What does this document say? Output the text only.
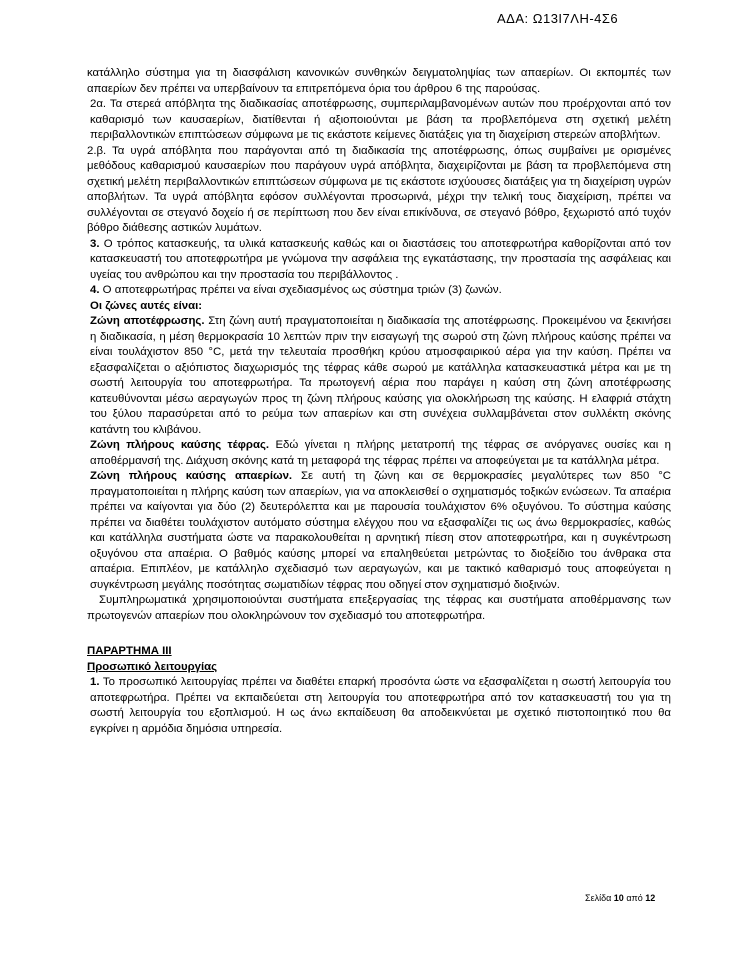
ΑΔΑ: Ω13Ι7ΛΗ-4Σ6

κατάλληλο σύστημα για τη διασφάλιση κανονικών συνθηκών δειγματοληψίας των απαερίων. Οι εκπομπές των απαερίων δεν πρέπει να υπερβαίνουν τα επιτρεπόμενα όρια του άρθρου 6 της παρούσας.

2α. Τα στερεά απόβλητα της διαδικασίας αποτέφρωσης, συμπεριλαμβανομένων αυτών που προέρχονται από τον καθαρισμό των καυσαερίων, διατίθενται ή αξιοποιούνται με βάση τα προβλεπόμενα στη σχετική μελέτη περιβαλλοντικών επιπτώσεων σύμφωνα με τις εκάστοτε κείμενες διατάξεις για τη διαχείριση στερεών αποβλήτων.

2.β. Τα υγρά απόβλητα που παράγονται από τη διαδικασία της αποτέφρωσης, όπως συμβαίνει με ορισμένες μεθόδους καθαρισμού καυσαερίων που παράγουν υγρά απόβλητα, διαχειρίζονται με βάση τα προβλεπόμενα στη σχετική μελέτη περιβαλλοντικών επιπτώσεων σύμφωνα με τις εκάστοτε ισχύουσες διατάξεις για τη διαχείριση υγρών αποβλήτων. Τα υγρά απόβλητα εφόσον συλλέγονται προσωρινά, μέχρι την τελική τους διαχείριση, πρέπει να συλλέγονται σε στεγανό δοχείο ή σε περίπτωση που δεν είναι επικίνδυνα, σε στεγανό βόθρο, ξεχωριστό από τυχόν βόθρο διάθεσης αστικών λυμάτων.

3. Ο τρόπος κατασκευής, τα υλικά κατασκευής καθώς και οι διαστάσεις του αποτεφρωτήρα καθορίζονται από τον κατασκευαστή του αποτεφρωτήρα με γνώμονα την ασφάλεια της εγκατάστασης, την προστασία της ασφάλειας και υγείας του ανθρώπου και την προστασία του περιβάλλοντος .

4. Ο αποτεφρωτήρας πρέπει να είναι σχεδιασμένος ως σύστημα τριών (3) ζωνών.

Οι ζώνες αυτές είναι:

Ζώνη αποτέφρωσης. Στη ζώνη αυτή πραγματοποιείται η διαδικασία της αποτέφρωσης. Προκειμένου να ξεκινήσει η διαδικασία, η μέση θερμοκρασία 10 λεπτών πριν την εισαγωγή της σωρού στη ζώνη πλήρους καύσης πρέπει να είναι τουλάχιστον 850 °C, μετά την τελευταία προσθήκη κρύου ατμοσφαιρικού αέρα για την καύση. Πρέπει να εξασφαλίζεται ο αξιόπιστος διαχωρισμός της τέφρας κάθε σωρού με κατάλληλα κατασκευαστικά μέτρα και με τη σωστή λειτουργία του αποτεφρωτήρα. Τα πρωτογενή αέρια που παράγει η καύση στη ζώνη αποτέφρωσης κατευθύνονται μέσω αεραγωγών προς τη ζώνη πλήρους καύσης για ολοκλήρωση της καύσης. Η ελαφριά στάχτη του ξύλου παρασύρεται από το ρεύμα των απαερίων και στη συνέχεια συλλαμβάνεται στον συλλέκτη σκόνης κατάντη του κλιβάνου.

Ζώνη πλήρους καύσης τέφρας. Εδώ γίνεται η πλήρης μετατροπή της τέφρας σε ανόργανες ουσίες και η αποθέρμανσή της. Διάχυση σκόνης κατά τη μεταφορά της τέφρας πρέπει να αποφεύγεται με τα κατάλληλα μέτρα.

Ζώνη πλήρους καύσης απαερίων. Σε αυτή τη ζώνη και σε θερμοκρασίες μεγαλύτερες των 850 °C πραγματοποιείται η πλήρης καύση των απαερίων, για να αποκλεισθεί ο σχηματισμός τοξικών ενώσεων. Τα απαέρια πρέπει να καίγονται για δύο (2) δευτερόλεπτα και με παρουσία τουλάχιστον 6% οξυγόνου. Το σύστημα καύσης πρέπει να διαθέτει τουλάχιστον αυτόματο σύστημα ελέγχου που να εξασφαλίζει τις ως άνω θερμοκρασίες, καθώς και κατάλληλα συστήματα ώστε να παρακολουθείται η αρνητική πίεση στον αποτεφρωτήρα, και η συγκέντρωση οξυγόνου στα απαέρια. Ο βαθμός καύσης μπορεί να επαληθεύεται μετρώντας το διοξείδιο του άνθρακα στα απαέρια. Επιπλέον, με κατάλληλο σχεδιασμό των αεραγωγών, και με τακτικό καθαρισμό τους αποφεύγεται η συγκέντρωση μεγάλης ποσότητας σωματιδίων τέφρας που οδηγεί στον σχηματισμό διοξινών.

Συμπληρωματικά χρησιμοποιούνται συστήματα επεξεργασίας της τέφρας και συστήματα αποθέρμανσης των πρωτογενών απαερίων που ολοκληρώνουν τον σχεδιασμό του αποτεφρωτήρα.

ΠΑΡΑΡΤΗΜΑ ΙΙΙ

Προσωπικό λειτουργίας

1. Το προσωπικό λειτουργίας πρέπει να διαθέτει επαρκή προσόντα ώστε να εξασφαλίζεται η σωστή λειτουργία του αποτεφρωτήρα. Πρέπει να εκπαιδεύεται στη λειτουργία του αποτεφρωτήρα από τον κατασκευαστή του για τη σωστή λειτουργία του εξοπλισμού. Η ως άνω εκπαίδευση θα αποδεικνύεται με σχετικό πιστοποιητικό που θα εγκρίνει η αρμόδια δημόσια υπηρεσία.

Σελίδα 10 από 12
